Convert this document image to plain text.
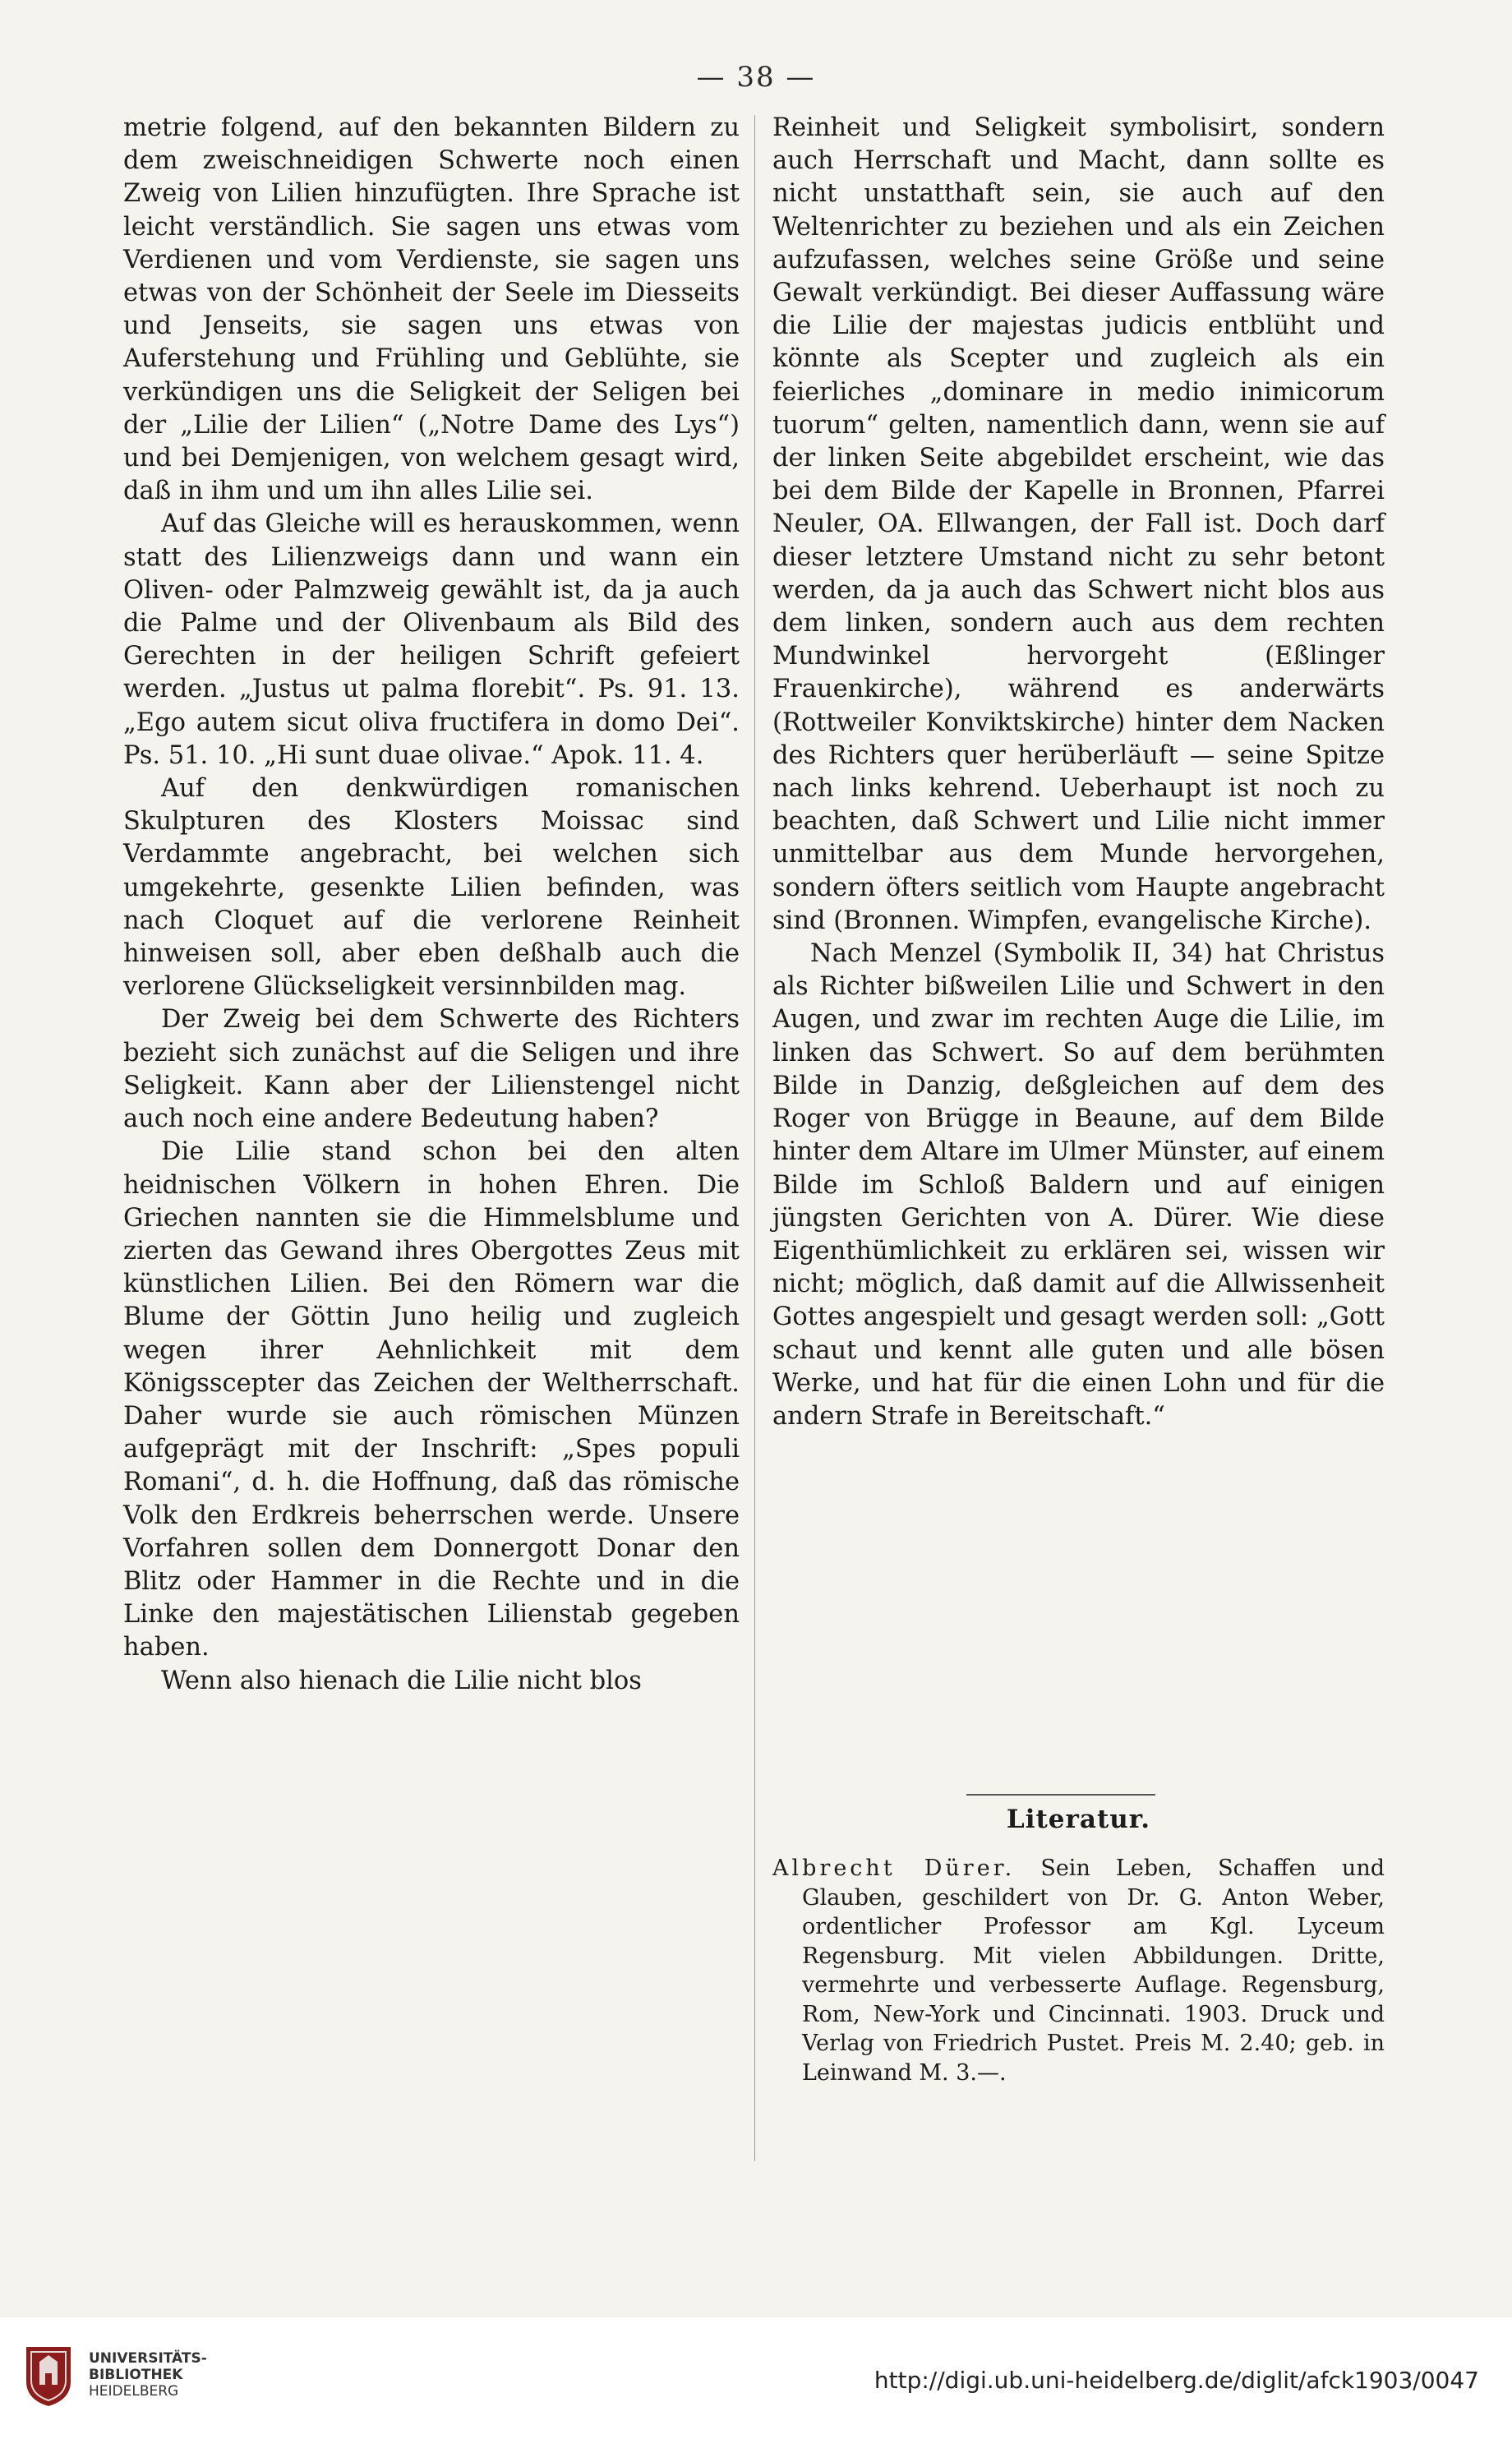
— 38 —

metrie folgend, auf den bekannten Bildern zu dem zweischneidigen Schwerte noch einen Zweig von Lilien hinzufügten. Ihre Sprache ist leicht verständlich. Sie sagen uns etwas vom Verdienen und vom Verdienste, sie sagen uns etwas von der Schönheit der Seele im Diesseits und Jenseits, sie sagen uns etwas von Auferstehung und Frühling und Geblühte, sie verkündigen uns die Seligkeit der Seligen bei der „Lilie der Lilien“ („Notre Dame des Lys“) und bei Demjenigen, von welchem gesagt wird, daß in ihm und um ihn alles Lilie sei.

Auf das Gleiche will es herauskommen, wenn statt des Lilienzweigs dann und wann ein Oliven- oder Palmzweig gewählt ist, da ja auch die Palme und der Olivenbaum als Bild des Gerechten in der heiligen Schrift gefeiert werden. „Justus ut palma florebit“. Ps. 91. 13. „Ego autem sicut oliva fructifera in domo Dei“. Ps. 51. 10. „Hi sunt duae olivae.“ Apok. 11. 4.

Auf den denkwürdigen romanischen Skulpturen des Klosters Moissac sind Verdammte angebracht, bei welchen sich umgekehrte, gesenkte Lilien befinden, was nach Cloquet auf die verlorene Reinheit hinweisen soll, aber eben deßhalb auch die verlorene Glückseligkeit versinnbilden mag.

Der Zweig bei dem Schwerte des Richters bezieht sich zunächst auf die Seligen und ihre Seligkeit. Kann aber der Lilienstengel nicht auch noch eine andere Bedeutung haben?

Die Lilie stand schon bei den alten heidnischen Völkern in hohen Ehren. Die Griechen nannten sie die Himmelsblume und zierten das Gewand ihres Obergottes Zeus mit künstlichen Lilien. Bei den Römern war die Blume der Göttin Juno heilig und zugleich wegen ihrer Aehnlichkeit mit dem Königsscepter das Zeichen der Weltherrschaft. Daher wurde sie auch römischen Münzen aufgeprägt mit der Inschrift: „Spes populi Romani“, d. h. die Hoffnung, daß das römische Volk den Erdkreis beherrschen werde. Unsere Vorfahren sollen dem Donnergott Donar den Blitz oder Hammer in die Rechte und in die Linke den majestätischen Lilienstab gegeben haben.

Wenn also hienach die Lilie nicht blos

Reinheit und Seligkeit symbolisirt, sondern auch Herrschaft und Macht, dann sollte es nicht unstatthaft sein, sie auch auf den Weltenrichter zu beziehen und als ein Zeichen aufzufassen, welches seine Größe und seine Gewalt verkündigt. Bei dieser Auffassung wäre die Lilie der majestas judicis entblüht und könnte als Scepter und zugleich als ein feierliches „dominare in medio inimicorum tuorum“ gelten, namentlich dann, wenn sie auf der linken Seite abgebildet erscheint, wie das bei dem Bilde der Kapelle in Bronnen, Pfarrei Neuler, OA. Ellwangen, der Fall ist. Doch darf dieser letztere Umstand nicht zu sehr betont werden, da ja auch das Schwert nicht blos aus dem linken, sondern auch aus dem rechten Mundwinkel hervorgeht (Eßlinger Frauenkirche), während es anderwärts (Rottweiler Konviktskirche) hinter dem Nacken des Richters quer herüberläuft — seine Spitze nach links kehrend. Ueberhaupt ist noch zu beachten, daß Schwert und Lilie nicht immer unmittelbar aus dem Munde hervorgehen, sondern öfters seitlich vom Haupte angebracht sind (Bronnen. Wimpfen, evangelische Kirche).

Nach Menzel (Symbolik II, 34) hat Christus als Richter bißweilen Lilie und Schwert in den Augen, und zwar im rechten Auge die Lilie, im linken das Schwert. So auf dem berühmten Bilde in Danzig, deßgleichen auf dem des Roger von Brügge in Beaune, auf dem Bilde hinter dem Altare im Ulmer Münster, auf einem Bilde im Schloß Baldern und auf einigen jüngsten Gerichten von A. Dürer. Wie diese Eigenthümlichkeit zu erklären sei, wissen wir nicht; möglich, daß damit auf die Allwissenheit Gottes angespielt und gesagt werden soll: „Gott schaut und kennt alle guten und alle bösen Werke, und hat für die einen Lohn und für die andern Strafe in Bereitschaft.“

Literatur.
Albrecht Dürer. Sein Leben, Schaffen und Glauben, geschildert von Dr. G. Anton Weber, ordentlicher Professor am Kgl. Lyceum Regensburg. Mit vielen Abbildungen. Dritte, vermehrte und verbesserte Auflage. Regensburg, Rom, New-York und Cincinnati. 1903. Druck und Verlag von Friedrich Pustet. Preis M. 2.40; geb. in Leinwand M. 3.—.
UNIVERSITÄTS-
BIBLIOTHEK
HEIDELBERG	http://digi.ub.uni-heidelberg.de/diglit/afck1903/0047
